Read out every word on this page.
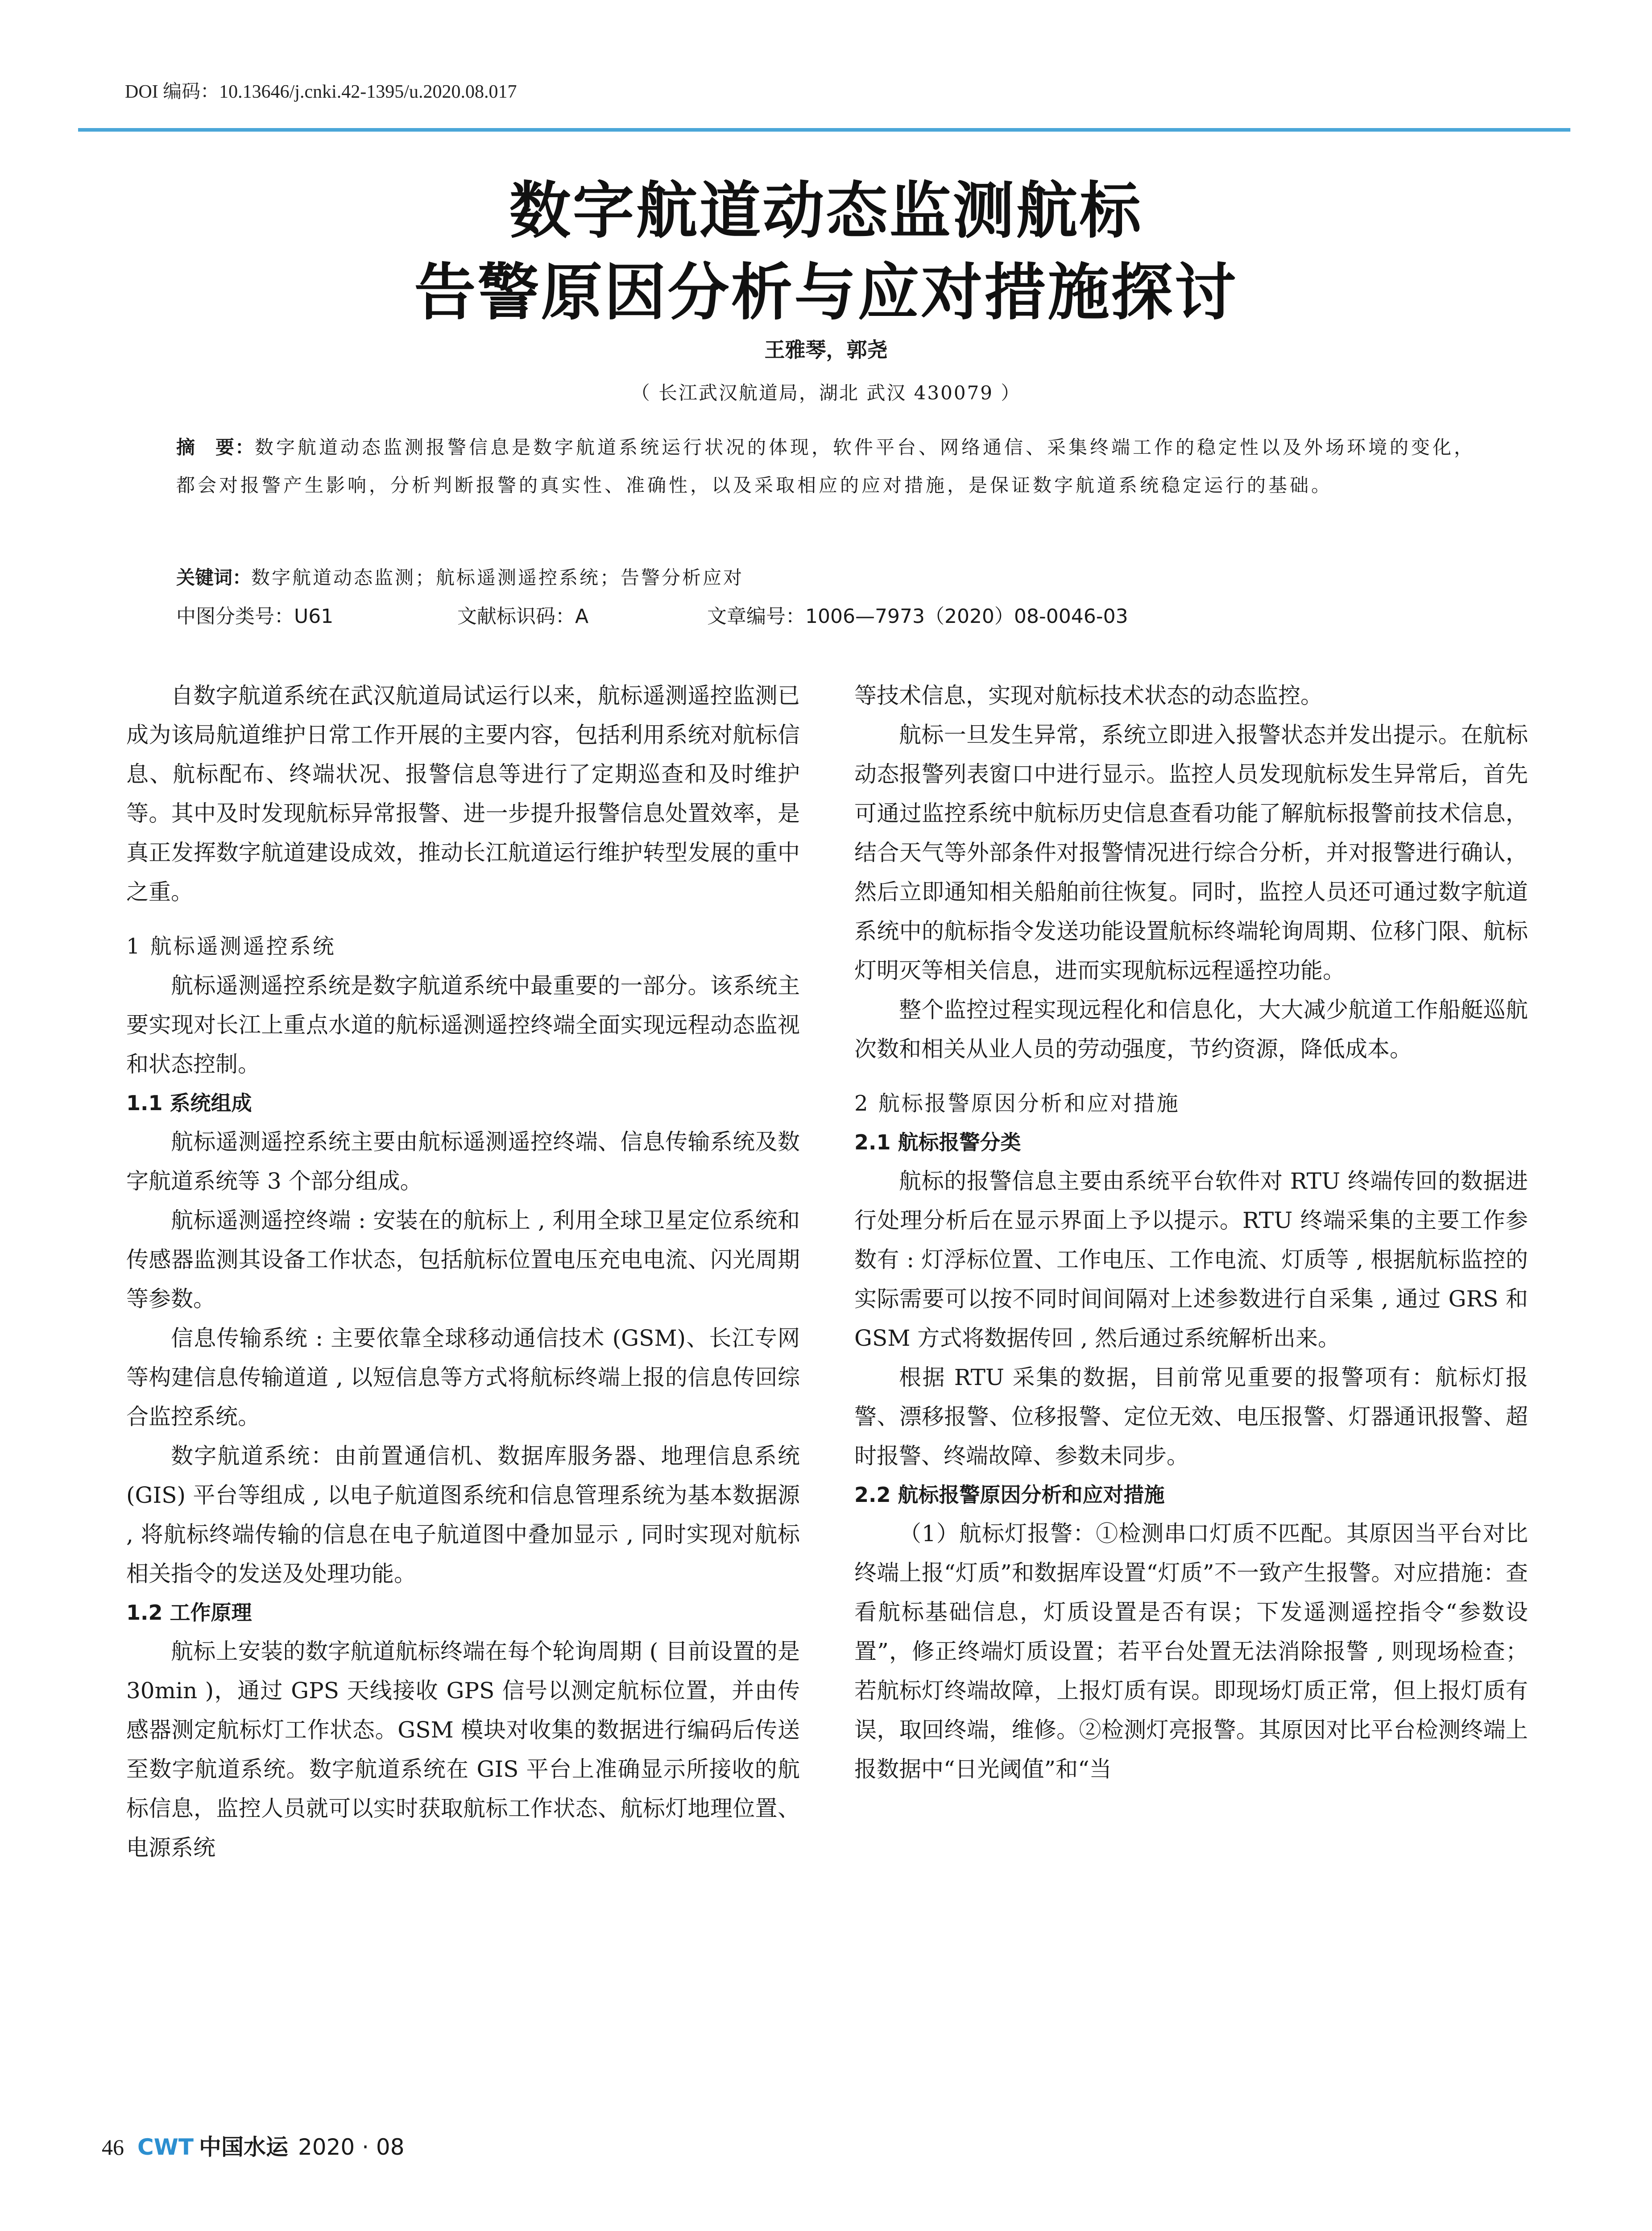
DOI 编码：10.13646/j.cnki.42-1395/u.2020.08.017
数字航道动态监测航标
告警原因分析与应对措施探讨
王雅琴，郭尧
（ 长江武汉航道局，湖北 武汉 430079 ）
摘　要：数字航道动态监测报警信息是数字航道系统运行状况的体现，软件平台、网络通信、采集终端工作的稳定性以及外场环境的变化，都会对报警产生影响，分析判断报警的真实性、准确性，以及采取相应的应对措施，是保证数字航道系统稳定运行的基础。
关键词：数字航道动态监测；航标遥测遥控系统；告警分析应对
中图分类号：U61	文献标识码：A	文章编号：1006—7973（2020）08-0046-03

自数字航道系统在武汉航道局试运行以来，航标遥测遥控监测已成为该局航道维护日常工作开展的主要内容，包括利用系统对航标信息、航标配布、终端状况、报警信息等进行了定期巡查和及时维护等。其中及时发现航标异常报警、进一步提升报警信息处置效率，是真正发挥数字航道建设成效，推动长江航道运行维护转型发展的重中之重。

1 航标遥测遥控系统

航标遥测遥控系统是数字航道系统中最重要的一部分。该系统主要实现对长江上重点水道的航标遥测遥控终端全面实现远程动态监视和状态控制。

1.1 系统组成

航标遥测遥控系统主要由航标遥测遥控终端、信息传输系统及数字航道系统等 3 个部分组成。

航标遥测遥控终端 : 安装在的航标上 , 利用全球卫星定位系统和传感器监测其设备工作状态，包括航标位置电压充电电流、闪光周期等参数。

信息传输系统 : 主要依靠全球移动通信技术 (GSM)、长江专网等构建信息传输道道 , 以短信息等方式将航标终端上报的信息传回综合监控系统。

数字航道系统：由前置通信机、数据库服务器、地理信息系统 (GIS) 平台等组成 , 以电子航道图系统和信息管理系统为基本数据源 , 将航标终端传输的信息在电子航道图中叠加显示 , 同时实现对航标相关指令的发送及处理功能。

1.2 工作原理

航标上安装的数字航道航标终端在每个轮询周期 ( 目前设置的是 30min )，通过 GPS 天线接收 GPS 信号以测定航标位置，并由传感器测定航标灯工作状态。GSM 模块对收集的数据进行编码后传送至数字航道系统。数字航道系统在 GIS 平台上准确显示所接收的航标信息，监控人员就可以实时获取航标工作状态、航标灯地理位置、电源系统

等技术信息，实现对航标技术状态的动态监控。

航标一旦发生异常，系统立即进入报警状态并发出提示。在航标动态报警列表窗口中进行显示。监控人员发现航标发生异常后，首先可通过监控系统中航标历史信息查看功能了解航标报警前技术信息，结合天气等外部条件对报警情况进行综合分析，并对报警进行确认，然后立即通知相关船舶前往恢复。同时，监控人员还可通过数字航道系统中的航标指令发送功能设置航标终端轮询周期、位移门限、航标灯明灭等相关信息，进而实现航标远程遥控功能。

整个监控过程实现远程化和信息化，大大减少航道工作船艇巡航次数和相关从业人员的劳动强度，节约资源，降低成本。

2 航标报警原因分析和应对措施
2.1 航标报警分类

航标的报警信息主要由系统平台软件对 RTU 终端传回的数据进行处理分析后在显示界面上予以提示。RTU 终端采集的主要工作参数有 : 灯浮标位置、工作电压、工作电流、灯质等 , 根据航标监控的实际需要可以按不同时间间隔对上述参数进行自采集 , 通过 GRS 和 GSM 方式将数据传回 , 然后通过系统解析出来。

根据 RTU 采集的数据，目前常见重要的报警项有：航标灯报警、漂移报警、位移报警、定位无效、电压报警、灯器通讯报警、超时报警、终端故障、参数未同步。

2.2 航标报警原因分析和应对措施

（1）航标灯报警：①检测串口灯质不匹配。其原因当平台对比终端上报“灯质”和数据库设置“灯质”不一致产生报警。对应措施：查看航标基础信息，灯质设置是否有误；下发遥测遥控指令“参数设置”，修正终端灯质设置；若平台处置无法消除报警 , 则现场检查；若航标灯终端故障，上报灯质有误。即现场灯质正常，但上报灯质有误，取回终端，维修。②检测灯亮报警。其原因对比平台检测终端上报数据中“日光阈值”和“当

46 CWT 中国水运 2020 · 08
